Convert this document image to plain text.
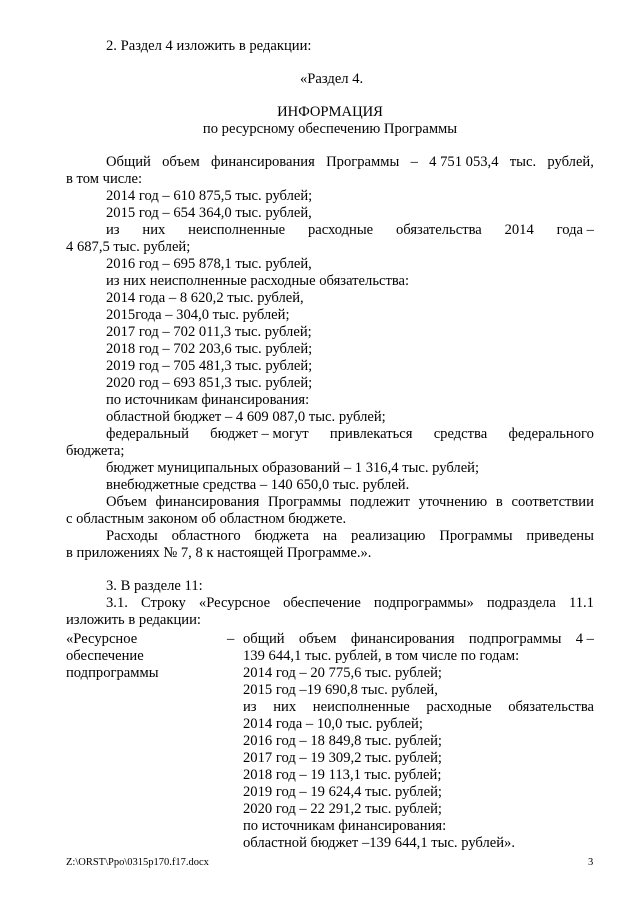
2. Раздел 4 изложить в редакции:
«Раздел 4.
ИНФОРМАЦИЯ
по ресурсному обеспечению Программы
Общий объем финансирования Программы – 4 751 053,4 тыс. рублей,
в том числе:
2014 год – 610 875,5 тыс. рублей;
2015 год – 654 364,0 тыс. рублей,
из них неисполненные расходные обязательства 2014 года –
4 687,5 тыс. рублей;
2016 год – 695 878,1 тыс. рублей,
из них неисполненные расходные обязательства:
2014 года – 8 620,2 тыс. рублей,
2015года – 304,0 тыс. рублей;
2017 год – 702 011,3 тыс. рублей;
2018 год – 702 203,6 тыс. рублей;
2019 год – 705 481,3 тыс. рублей;
2020 год – 693 851,3 тыс. рублей;
по источникам финансирования:
областной бюджет – 4 609 087,0 тыс. рублей;
федеральный бюджет – могут привлекаться средства федерального
бюджета;
бюджет муниципальных образований – 1 316,4 тыс. рублей;
внебюджетные средства – 140 650,0 тыс. рублей.
Объем финансирования Программы подлежит уточнению в соответствии
с областным законом об областном бюджете.
Расходы областного бюджета на реализацию Программы приведены
в приложениях № 7, 8 к настоящей Программе.».
3. В разделе 11:
3.1. Строку «Ресурсное обеспечение подпрограммы» подраздела 11.1
изложить в редакции:
«Ресурсное
обеспечение
подпрограммы
– общий объем финансирования подпрограммы 4 –
139 644,1 тыс. рублей, в том числе по годам:
2014 год – 20 775,6 тыс. рублей;
2015 год –19 690,8 тыс. рублей,
из них неисполненные расходные обязательства
2014 года – 10,0 тыс. рублей;
2016 год – 18 849,8 тыс. рублей;
2017 год – 19 309,2 тыс. рублей;
2018 год – 19 113,1 тыс. рублей;
2019 год – 19 624,4 тыс. рублей;
2020 год – 22 291,2 тыс. рублей;
по источникам финансирования:
областной бюджет –139 644,1 тыс. рублей».
Z:\ORST\Ppo\0315p170.f17.docx	3
